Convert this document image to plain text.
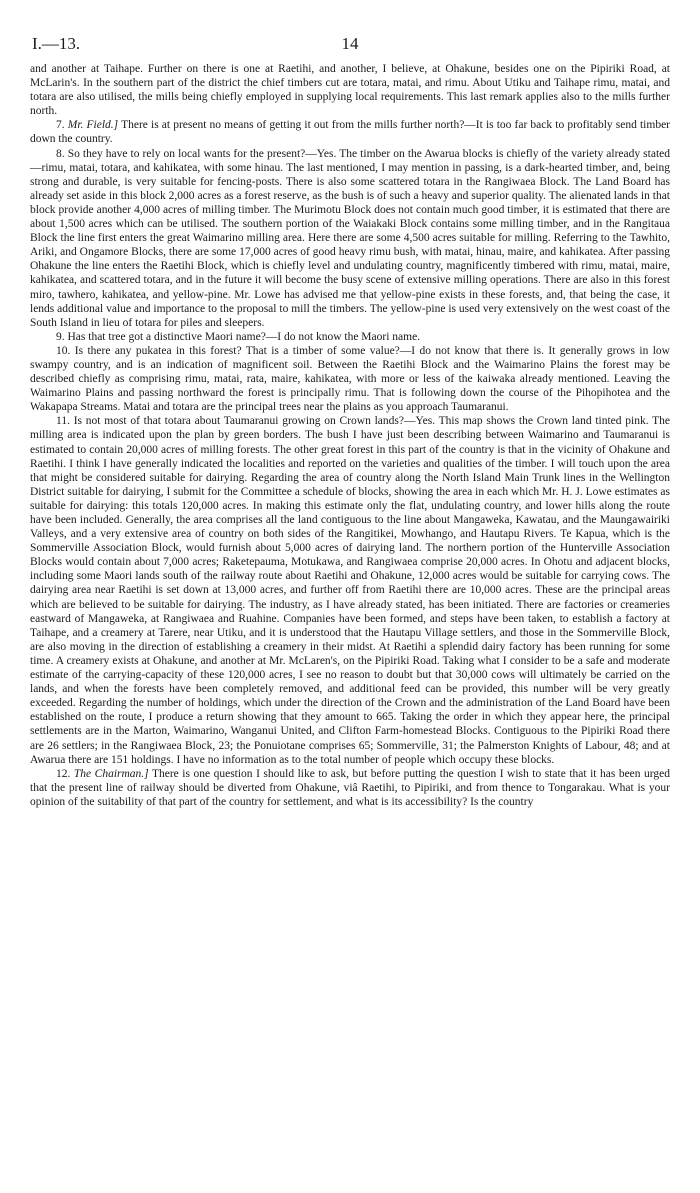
I.—13.	14

and another at Taihape. Further on there is one at Raetihi, and another, I believe, at Ohakune, besides one on the Pipiriki Road, at McLarin's. In the southern part of the district the chief timbers cut are totara, matai, and rimu. About Utiku and Taihape rimu, matai, and totara are also utilised, the mills being chiefly employed in supplying local requirements. This last remark applies also to the mills further north.

7. Mr. Field.] There is at present no means of getting it out from the mills further north?—It is too far back to profitably send timber down the country.

8. So they have to rely on local wants for the present?—Yes. The timber on the Awarua blocks is chiefly of the variety already stated—rimu, matai, totara, and kahikatea, with some hinau. The last mentioned, I may mention in passing, is a dark-hearted timber, and, being strong and durable, is very suitable for fencing-posts. There is also some scattered totara in the Rangiwaea Block. The Land Board has already set aside in this block 2,000 acres as a forest reserve, as the bush is of such a heavy and superior quality. The alienated lands in that block provide another 4,000 acres of milling timber. The Murimotu Block does not contain much good timber, it is estimated that there are about 1,500 acres which can be utilised. The southern portion of the Waiakaki Block contains some milling timber, and in the Rangitaua Block the line first enters the great Waimarino milling area. Here there are some 4,500 acres suitable for milling. Referring to the Tawhito, Ariki, and Ongamore Blocks, there are some 17,000 acres of good heavy rimu bush, with matai, hinau, maire, and kahikatea. After passing Ohakune the line enters the Raetihi Block, which is chiefly level and undulating country, magnificently timbered with rimu, matai, maire, kahikatea, and scattered totara, and in the future it will become the busy scene of extensive milling operations. There are also in this forest miro, tawhero, kahikatea, and yellow-pine. Mr. Lowe has advised me that yellow-pine exists in these forests, and, that being the case, it lends additional value and importance to the proposal to mill the timbers. The yellow-pine is used very extensively on the west coast of the South Island in lieu of totara for piles and sleepers.

9. Has that tree got a distinctive Maori name?—I do not know the Maori name.

10. Is there any pukatea in this forest? That is a timber of some value?—I do not know that there is. It generally grows in low swampy country, and is an indication of magnificent soil. Between the Raetihi Block and the Waimarino Plains the forest may be described chiefly as comprising rimu, matai, rata, maire, kahikatea, with more or less of the kaiwaka already mentioned. Leaving the Waimarino Plains and passing northward the forest is principally rimu. That is following down the course of the Pihopihotea and the Wakapapa Streams. Matai and totara are the principal trees near the plains as you approach Taumaranui.

11. Is not most of that totara about Taumaranui growing on Crown lands?—Yes. This map shows the Crown land tinted pink. The milling area is indicated upon the plan by green borders. The bush I have just been describing between Waimarino and Taumaranui is estimated to contain 20,000 acres of milling forests. The other great forest in this part of the country is that in the vicinity of Ohakune and Raetihi. I think I have generally indicated the localities and reported on the varieties and qualities of the timber. I will touch upon the area that might be considered suitable for dairying. Regarding the area of country along the North Island Main Trunk lines in the Wellington District suitable for dairying, I submit for the Committee a schedule of blocks, showing the area in each which Mr. H. J. Lowe estimates as suitable for dairying: this totals 120,000 acres. In making this estimate only the flat, undulating country, and lower hills along the route have been included. Generally, the area comprises all the land contiguous to the line about Mangaweka, Kawatau, and the Maungawairiki Valleys, and a very extensive area of country on both sides of the Rangitikei, Mowhango, and Hautapu Rivers. Te Kapua, which is the Sommerville Association Block, would furnish about 5,000 acres of dairying land. The northern portion of the Hunterville Association Blocks would contain about 7,000 acres; Raketepauma, Motukawa, and Rangiwaea comprise 20,000 acres. In Ohotu and adjacent blocks, including some Maori lands south of the railway route about Raetihi and Ohakune, 12,000 acres would be suitable for carrying cows. The dairying area near Raetihi is set down at 13,000 acres, and further off from Raetihi there are 10,000 acres. These are the principal areas which are believed to be suitable for dairying. The industry, as I have already stated, has been initiated. There are factories or creameries eastward of Mangaweka, at Rangiwaea and Ruahine. Companies have been formed, and steps have been taken, to establish a factory at Taihape, and a creamery at Tarere, near Utiku, and it is understood that the Hautapu Village settlers, and those in the Sommerville Block, are also moving in the direction of establishing a creamery in their midst. At Raetihi a splendid dairy factory has been running for some time. A creamery exists at Ohakune, and another at Mr. McLaren's, on the Pipiriki Road. Taking what I consider to be a safe and moderate estimate of the carrying-capacity of these 120,000 acres, I see no reason to doubt but that 30,000 cows will ultimately be carried on the lands, and when the forests have been completely removed, and additional feed can be provided, this number will be very greatly exceeded. Regarding the number of holdings, which under the direction of the Crown and the administration of the Land Board have been established on the route, I produce a return showing that they amount to 665. Taking the order in which they appear here, the principal settlements are in the Marton, Waimarino, Wanganui United, and Clifton Farm-homestead Blocks. Contiguous to the Pipiriki Road there are 26 settlers; in the Rangiwaea Block, 23; the Ponuiotane comprises 65; Sommerville, 31; the Palmerston Knights of Labour, 48; and at Awarua there are 151 holdings. I have no information as to the total number of people which occupy these blocks.

12. The Chairman.] There is one question I should like to ask, but before putting the question I wish to state that it has been urged that the present line of railway should be diverted from Ohakune, viâ Raetihi, to Pipiriki, and from thence to Tongarakau. What is your opinion of the suitability of that part of the country for settlement, and what is its accessibility? Is the country
